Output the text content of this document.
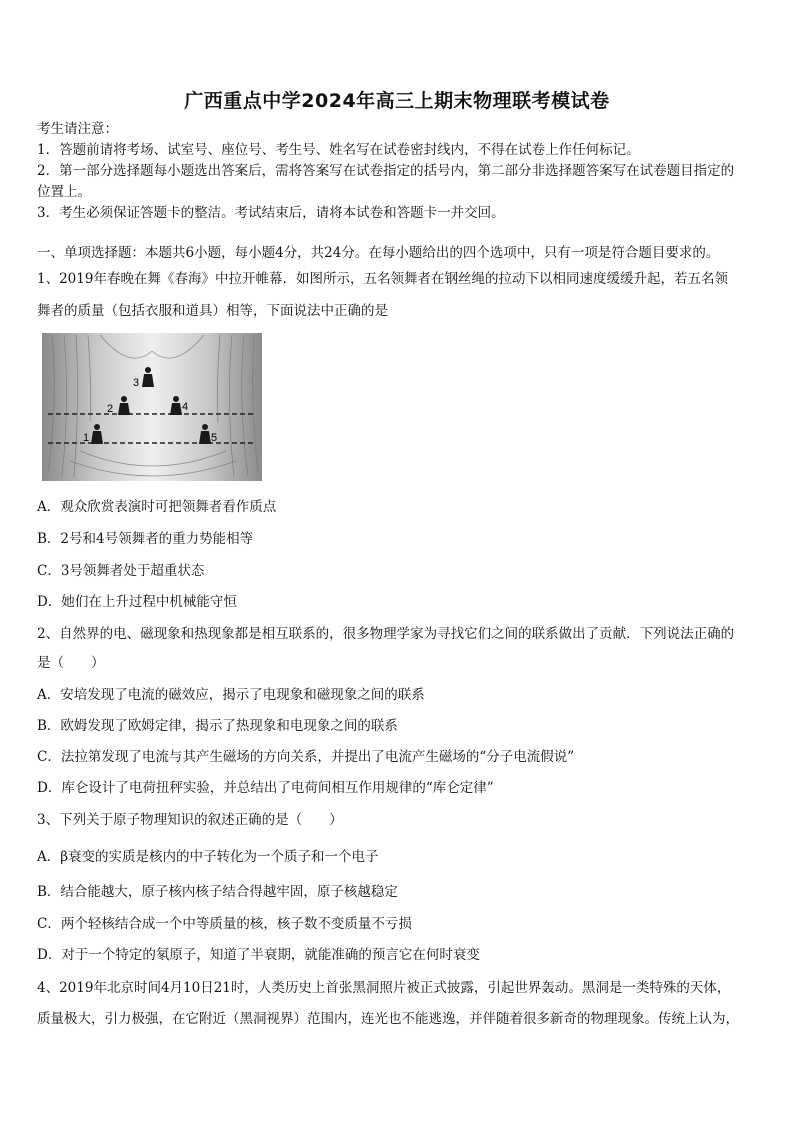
广西重点中学2024年高三上期末物理联考模试卷
考生请注意：
1．答题前请将考场、试室号、座位号、考生号、姓名写在试卷密封线内，不得在试卷上作任何标记。
2．第一部分选择题每小题选出答案后，需将答案写在试卷指定的括号内，第二部分非选择题答案写在试卷题目指定的
位置上。
3．考生必须保证答题卡的整洁。考试结束后，请将本试卷和答题卡一并交回。
一、单项选择题：本题共6小题，每小题4分，共24分。在每小题给出的四个选项中，只有一项是符合题目要求的。
1、2019年春晚在舞《春海》中拉开帷幕．如图所示，五名领舞者在钢丝绳的拉动下以相同速度缓缓升起，若五名领
舞者的质量（包括衣服和道具）相等，下面说法中正确的是
3
2	4
1	5
A．观众欣赏表演时可把领舞者看作质点
B．2号和4号领舞者的重力势能相等
C．3号领舞者处于超重状态
D．她们在上升过程中机械能守恒
2、自然界的电、磁现象和热现象都是相互联系的，很多物理学家为寻找它们之间的联系做出了贡献．下列说法正确的
是（　　）
A．安培发现了电流的磁效应，揭示了电现象和磁现象之间的联系
B．欧姆发现了欧姆定律，揭示了热现象和电现象之间的联系
C．法拉第发现了电流与其产生磁场的方向关系，并提出了电流产生磁场的“分子电流假说”
D．库仑设计了电荷扭秤实验，并总结出了电荷间相互作用规律的“库仑定律”
3、下列关于原子物理知识的叙述正确的是（　　）
A．β衰变的实质是核内的中子转化为一个质子和一个电子
B．结合能越大，原子核内核子结合得越牢固，原子核越稳定
C．两个轻核结合成一个中等质量的核，核子数不变质量不亏损
D．对于一个特定的氡原子，知道了半衰期，就能准确的预言它在何时衰变
4、2019年北京时间4月10日21时，人类历史上首张黑洞照片被正式披露，引起世界轰动。黑洞是一类特殊的天体，
质量极大，引力极强，在它附近（黑洞视界）范围内，连光也不能逃逸，并伴随着很多新奇的物理现象。传统上认为，
